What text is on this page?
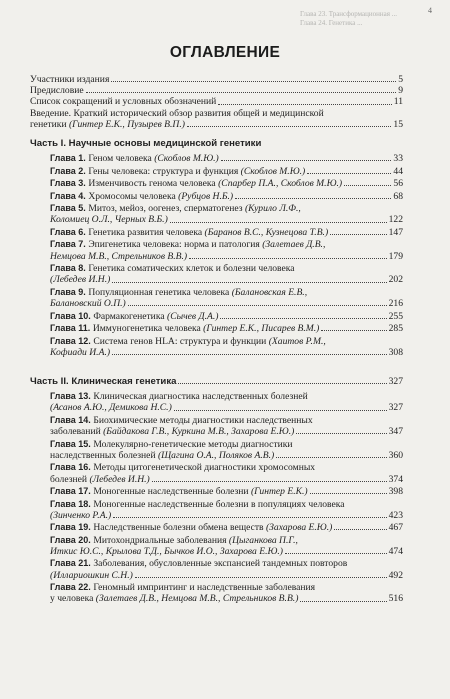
Глава 23. Трансформационная ...
Глава 24. Генетика ...
4
ОГЛАВЛЕНИЕ
Участники издания	5
Предисловие	9
Список сокращений и условных обозначений	11
Введение. Краткий исторический обзор развития общей и медицинской
генетики (Гинтер Е.К., Пузырев В.П.)	15
Часть I. Научные основы медицинской генетики
Глава 1. Геном человека (Скоблов М.Ю.)	33
Глава 2. Гены человека: структура и функция (Скоблов М.Ю.)	44
Глава 3. Изменчивость генома человека (Спарбер П.А., Скоблов М.Ю.)	56
Глава 4. Хромосомы человека (Рубцов Н.Б.)	68
Глава 5. Митоз, мейоз, оогенез, сперматогенез (Курило Л.Ф.,
Коломиец О.Л., Черных В.Б.)	122
Глава 6. Генетика развития человека (Баранов В.С., Кузнецова Т.В.)	147
Глава 7. Эпигенетика человека: норма и патология (Залетаев Д.В.,
Немцова М.В., Стрельников В.В.)	179
Глава 8. Генетика соматических клеток и болезни человека
(Лебедев И.Н.)	202
Глава 9. Популяционная генетика человека (Балановская Е.В.,
Балановский О.П.)	216
Глава 10. Фармакогенетика (Сычев Д.А.)	255
Глава 11. Иммуногенетика человека (Гинтер Е.К., Писарев В.М.)	285
Глава 12. Система генов HLA: структура и функции (Хаитов Р.М.,
Кофиади И.А.)	308
Часть II. Клиническая генетика	327
Глава 13. Клиническая диагностика наследственных болезней
(Асанов А.Ю., Демикова Н.С.)	327
Глава 14. Биохимические методы диагностики наследственных
заболеваний (Байдакова Г.В., Куркина М.В., Захарова Е.Ю.)	347
Глава 15. Молекулярно-генетические методы диагностики
наследственных болезней (Щагина О.А., Поляков А.В.)	360
Глава 16. Методы цитогенетической диагностики хромосомных
болезней (Лебедев И.Н.)	374
Глава 17. Моногенные наследственные болезни (Гинтер Е.К.)	398
Глава 18. Моногенные наследственные болезни в популяциях человека
(Зинченко Р.А.)	423
Глава 19. Наследственные болезни обмена веществ (Захарова Е.Ю.)	467
Глава 20. Митохондриальные заболевания (Цыганкова П.Г.,
Иткис Ю.С., Крылова Т.Д., Бычков И.О., Захарова Е.Ю.)	474
Глава 21. Заболевания, обусловленные экспансией тандемных повторов
(Иллариошкин С.Н.)	492
Глава 22. Геномный импринтинг и наследственные заболевания
у человека (Залетаев Д.В., Немцова М.В., Стрельников В.В.)	516
